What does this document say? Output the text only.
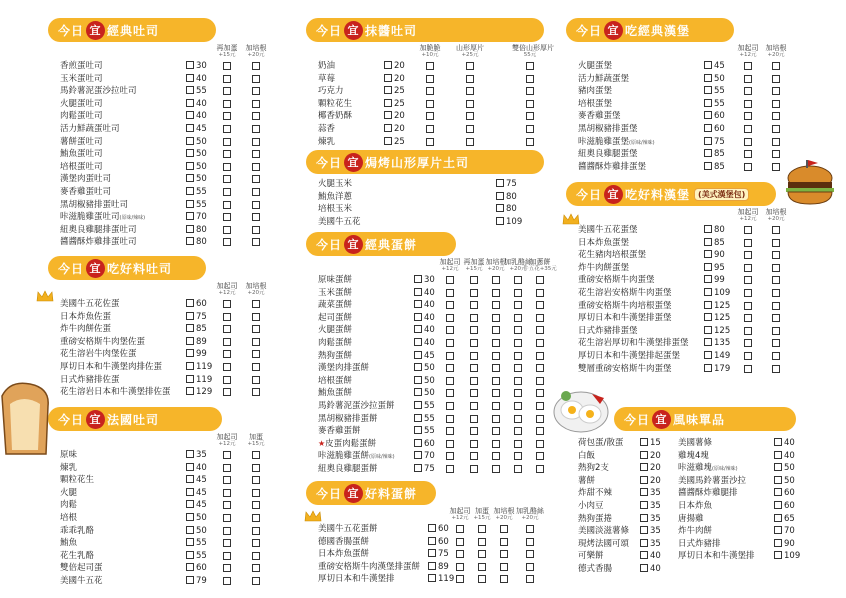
今日 宜 經典吐司
再加蛋
+15元
加培根
+20元
香煎蛋吐司	30
玉米蛋吐司	40
馬鈴薯泥蛋沙拉吐司	55
火腿蛋吐司	40
肉鬆蛋吐司	40
活力鮮蔬蛋吐司	45
薯餅蛋吐司	50
鮪魚蛋吐司	50
培根蛋吐司	50
漢堡肉蛋吐司	50
麥香雞蛋吐司	55
黑胡椒豬排蛋吐司	55
咔滋脆雞蛋吐司(原味/辣味)	70
紐奧良雞腿排蛋吐司	80
醬醬酥炸雞排蛋吐司	80
今日 宜 吃好料吐司
加起司
+12元
加培根
+20元
美國牛五花佐蛋	60
日本炸魚佐蛋	75
炸牛肉餅佐蛋	85
重磅安格斯牛肉堡佐蛋	89
花生溶岩牛肉堡佐蛋	99
厚切日本和牛漢堡肉排佐蛋	119
日式炸豬排佐蛋	119
花生溶岩日本和牛漢堡排佐蛋	129
今日 宜 法國吐司
加起司
+12元
加蛋
+15元
原味	35
煉乳	40
顆粒花生	45
火腿	45
肉鬆	45
培根	50
乖乖乳酪	50
鮪魚	55
花生乳酪	55
雙倍起司蛋	60
美國牛五花	79
今日 宜 抹醬吐司
加脆脆
+10元
山形厚片
+25元
雙倍山形厚片
55元
奶油	20
草莓	20
巧克力	25
顆粒花生	25
椰香奶酥	20
蒜香	20
煉乳	25
今日 宜 焗烤山形厚片土司
火腿玉米	75
鮪魚洋蔥	80
培根玉米	80
美國牛五花	109
今日 宜 經典蛋餅
加起司
+12元
再加蛋
+15元
加培根
+20元
加乳酪絲
+20元
加蔥餅
牛五花+35元
原味蛋餅	30
玉米蛋餅	40
蔬菜蛋餅	40
起司蛋餅	40
火腿蛋餅	40
肉鬆蛋餅	40
熱狗蛋餅	45
漢堡肉排蛋餅	50
培根蛋餅	50
鮪魚蛋餅	50
馬鈴薯泥蛋沙拉蛋餅	55
黑胡椒豬排蛋餅	55
麥香雞蛋餅	55
★皮蛋肉鬆蛋餅	60
咔滋脆雞蛋餅(原味/辣味)	70
紐奧良雞腿蛋餅	75
今日 宜 好料蛋餅
加起司
+12元
加蛋
+15元
加培根
+20元
加乳酪絲
+20元
美國牛五花蛋餅	60
德國香腸蛋餅	60
日本炸魚蛋餅	75
重磅安格斯牛肉漢堡排蛋餅	89
厚切日本和牛漢堡排	119
今日 宜 吃經典漢堡
加起司
+12元
加培根
+20元
火腿蛋堡	45
活力鮮蔬蛋堡	50
豬肉蛋堡	55
培根蛋堡	55
麥香雞蛋堡	60
黑胡椒豬排蛋堡	60
咔滋脆雞蛋堡(原味/辣味)	75
紐奧良雞腿蛋堡	85
醬醬酥炸雞排蛋堡	85
今日 宜 吃好料漢堡	(美式漢堡包)
加起司
+12元
加培根
+20元
美國牛五花蛋堡	80
日本炸魚蛋堡	85
花生豬肉培根蛋堡	90
炸牛肉餅蛋堡	95
重磅安格斯牛肉蛋堡	99
花生溶岩安格斯牛肉蛋堡	109
重磅安格斯牛肉培根蛋堡	125
厚切日本和牛漢堡排蛋堡	125
日式炸豬排蛋堡	125
花生溶岩厚切和牛漢堡排蛋堡	135
厚切日本和牛漢堡排起蛋堡	149
雙層重磅安格斯牛肉蛋堡	179
今日 宜 風味單品
荷包蛋/散蛋	15
白飯	20
熱狗2支	20
薯餅	20
炸甜不辣	35
小肉豆	35
熱狗蛋捲	35
美國淡滋薯條	35
現烤法國可頌	35
可樂餅	40
德式香腸	40
美國薯條	40
雞塊4塊	40
咔滋雞塊(原味/辣味)	50
美國馬鈴薯蛋沙拉	50
醬醬酥炸雞腿排	60
日本炸魚	60
唐揚雞	65
炸牛肉餅	70
日式炸豬排	90
厚切日本和牛漢堡排	109
